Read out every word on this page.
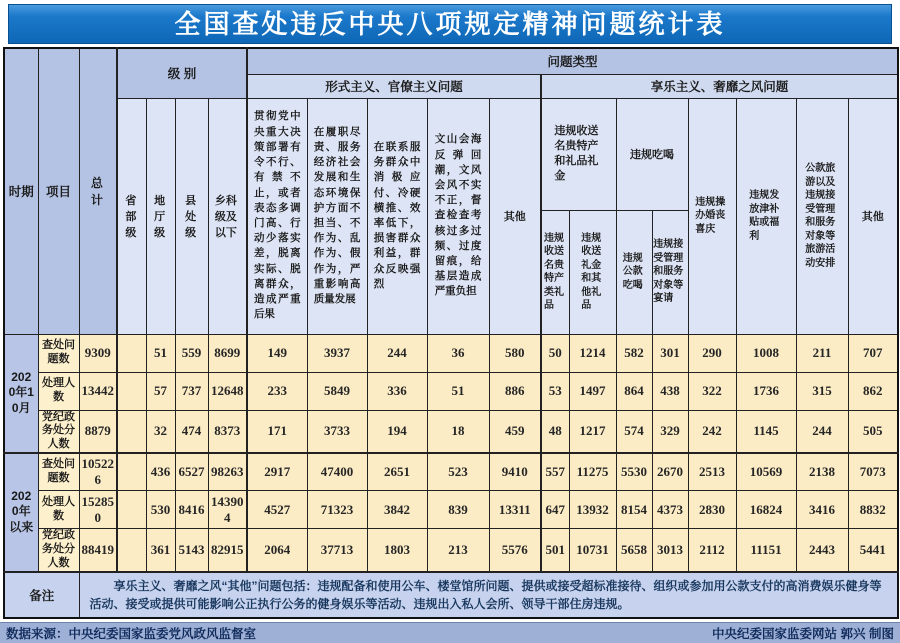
全国查处违反中央八项规定精神问题统计表
时期	项目	总计	级 别				问题类型												
							形式主义、官僚主义问题					享乐主义、奢靡之风问题							
			省部级	地厅级	县处级	乡科级及以下	贯彻党中央重大决策部署有令不行、有禁不止，或者表态多调门高、行动少落实差，脱离实际、脱离群众，造成严重后果	在履职尽责、服务经济社会发展和生态环境保护方面不担当、不作为、乱作为、假作为，严重影响高质量发展	在联系服务群众中消极应付、冷硬横推、效率低下，损害群众利益，群众反映强烈	文山会海反弹回潮，文风会风不实不正，督查检查考核过多过频、过度留痕，给基层造成严重负担	其他	违规收送名贵特产和礼品礼金		违规吃喝		违规操办婚丧喜庆	违规发放津补贴或福利	公款旅游以及违规接受管理和服务对象等旅游活动安排	其他
												违规收送名贵特产类礼品	违规收送礼金和其他礼品	违规公款吃喝	违规接受管理和服务对象等宴请				
2020年10月	查处问题数	9309		51	559	8699	149	3937	244	36	580	50	1214	582	301	290	1008	211	707
	处理人数	13442		57	737	12648	233	5849	336	51	886	53	1497	864	438	322	1736	315	862
	党纪政务处分人数	8879		32	474	8373	171	3733	194	18	459	48	1217	574	329	242	1145	244	505
2020年以来	查处问题数	105226		436	6527	98263	2917	47400	2651	523	9410	557	11275	5530	2670	2513	10569	2138	7073
	处理人数	152850		530	8416	143904	4527	71323	3842	839	13311	647	13932	8154	4373	2830	16824	3416	8832
	党纪政务处分人数	88419		361	5143	82915	2064	37713	1803	213	5576	501	10731	5658	3013	2112	11151	2443	5441
备注		享乐主义、奢靡之风“其他”问题包括：违规配备和使用公车、楼堂馆所问题、提供或接受超标准接待、组织或参加用公款支付的高消费娱乐健身等活动、接受或提供可能影响公正执行公务的健身娱乐等活动、违规出入私人会所、领导干部住房违规。																	
数据来源：中央纪委国家监委党风政风监督室	中央纪委国家监委网站 郭兴 制图
